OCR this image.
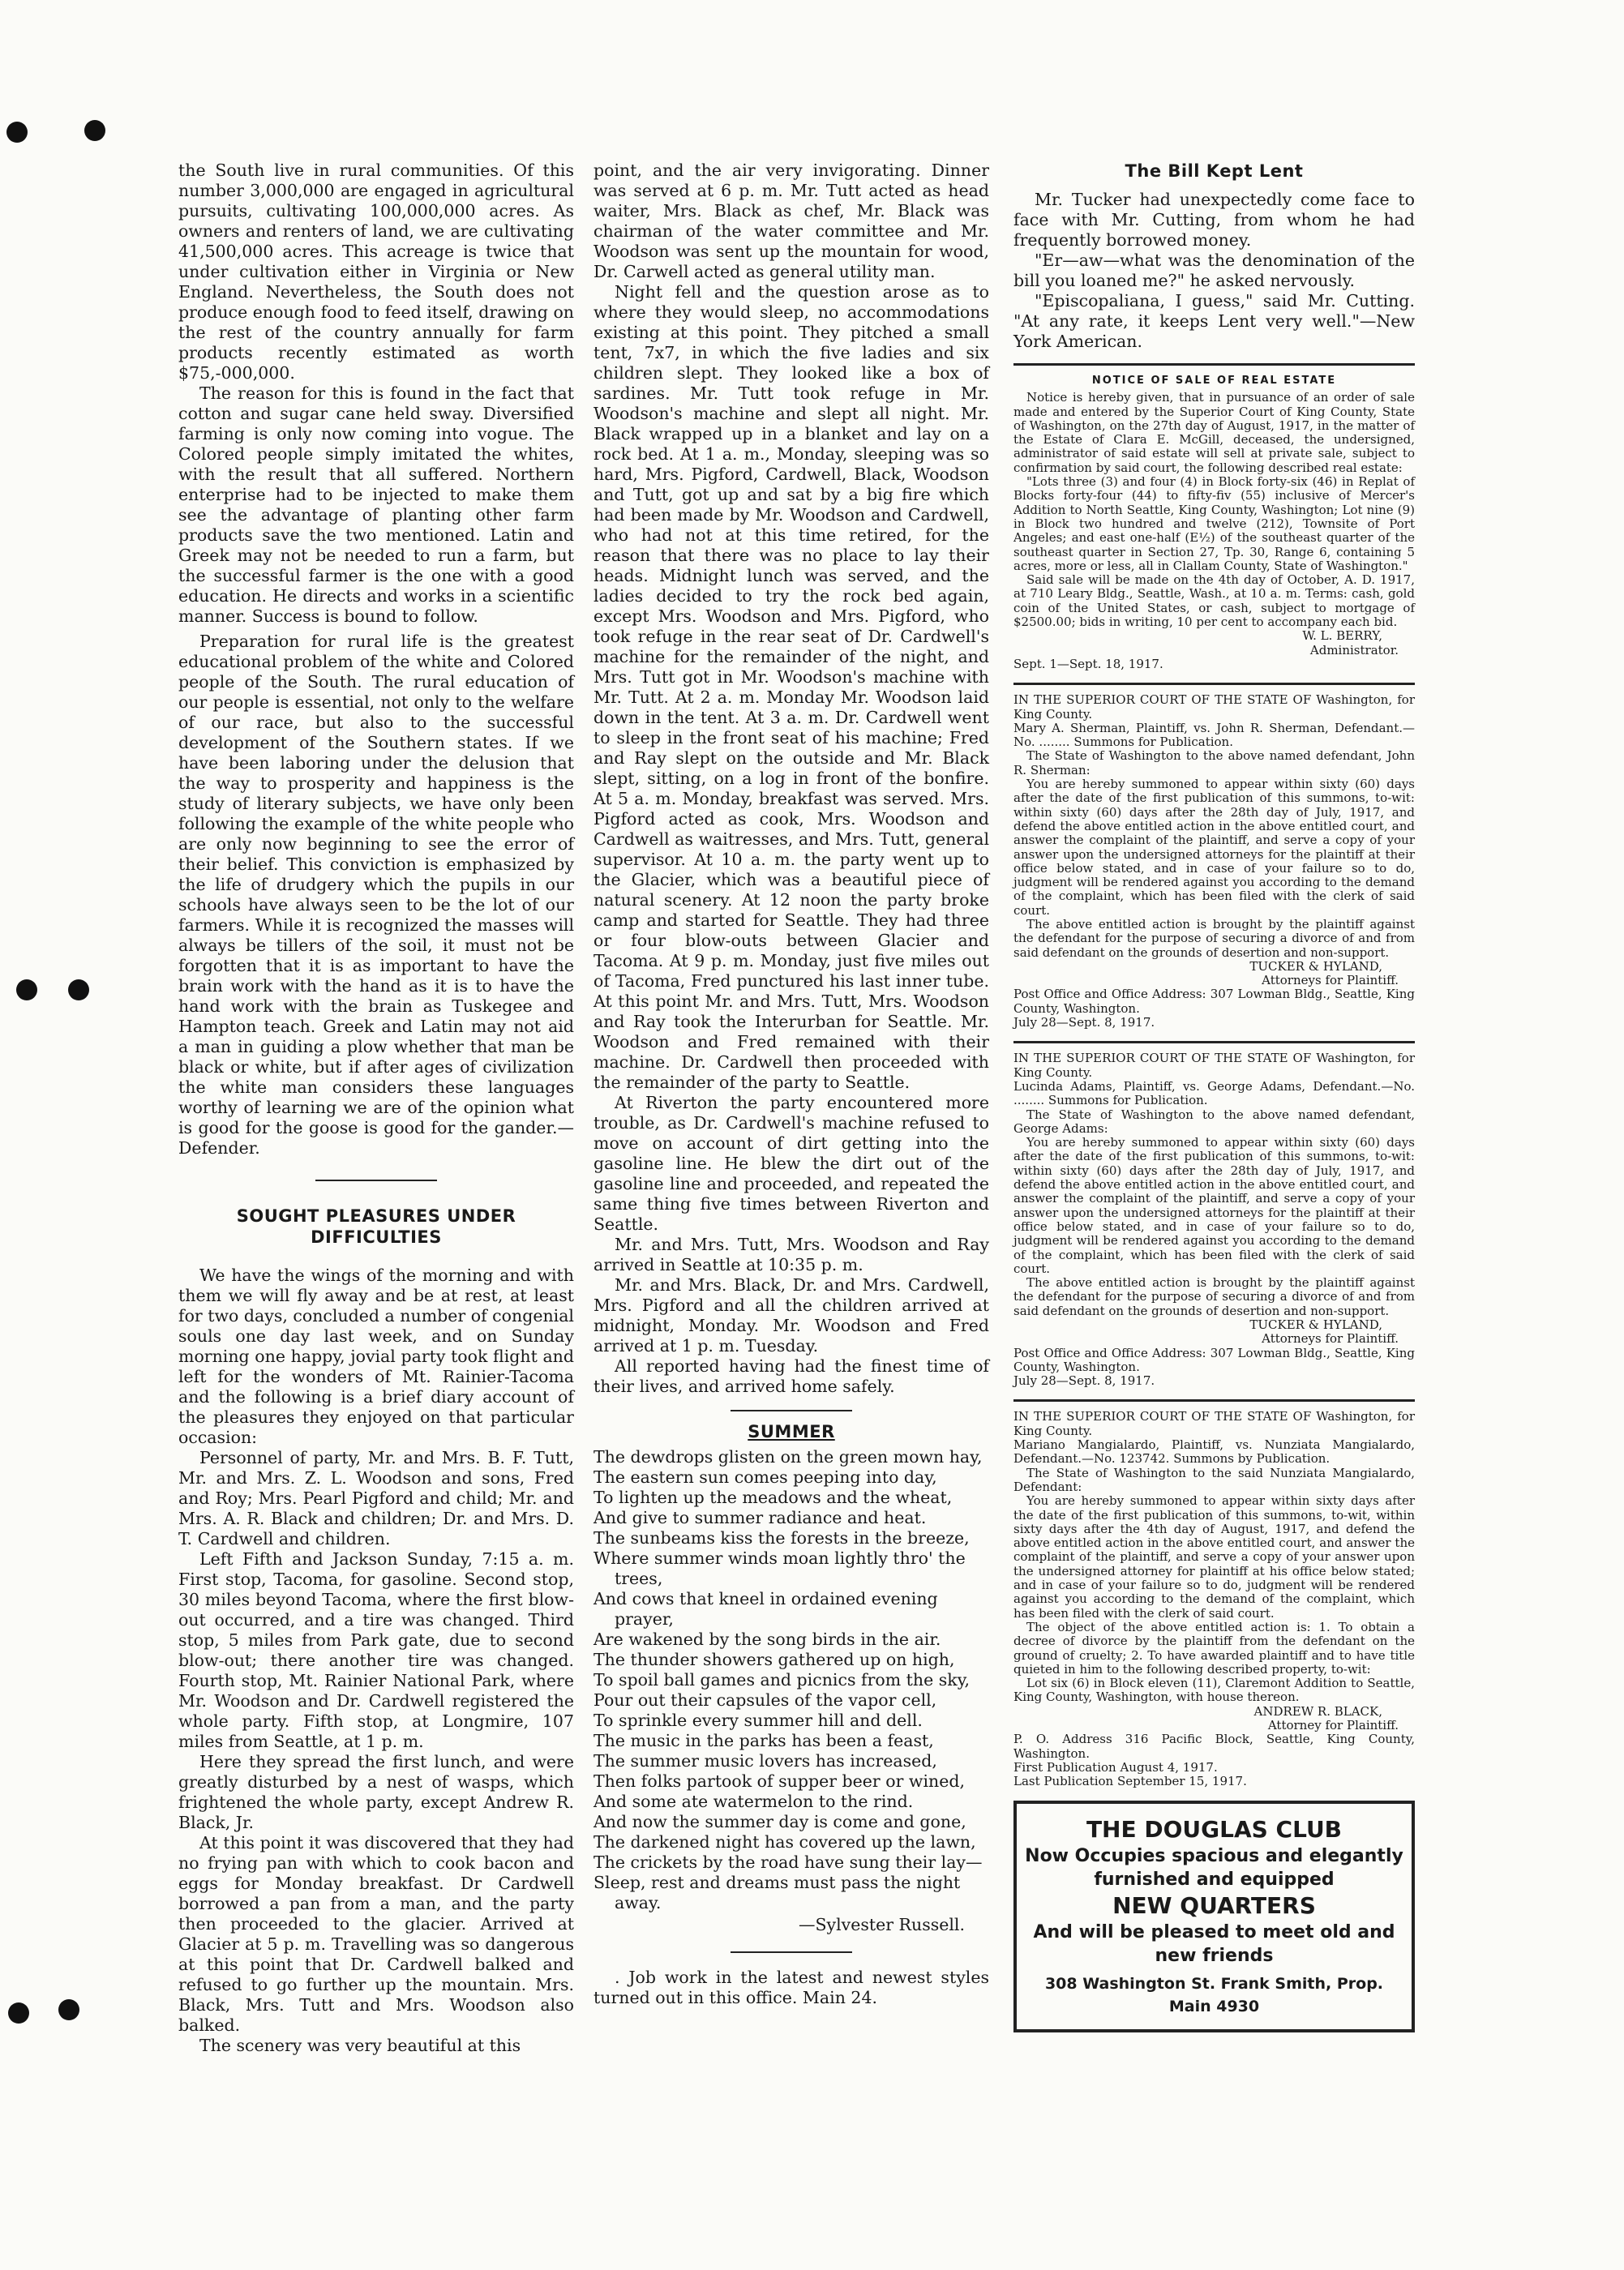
the South live in rural communities. Of this number 3,000,000 are engaged in agricultural pursuits, cultivating 100,000,000 acres. As owners and renters of land, we are cultivating 41,500,000 acres. This acreage is twice that under cultivation either in Virginia or New England. Nevertheless, the South does not produce enough food to feed itself, drawing on the rest of the country annually for farm products recently estimated as worth $75,-000,000.

The reason for this is found in the fact that cotton and sugar cane held sway. Diversified farming is only now coming into vogue. The Colored people simply imitated the whites, with the result that all suffered. Northern enterprise had to be injected to make them see the advantage of planting other farm products save the two mentioned. Latin and Greek may not be needed to run a farm, but the successful farmer is the one with a good education. He directs and works in a scientific manner. Success is bound to follow.

Preparation for rural life is the greatest educational problem of the white and Colored people of the South. The rural education of our people is essential, not only to the welfare of our race, but also to the successful development of the Southern states. If we have been laboring under the delusion that the way to prosperity and happiness is the study of literary subjects, we have only been following the example of the white people who are only now beginning to see the error of their belief. This conviction is emphasized by the life of drudgery which the pupils in our schools have always seen to be the lot of our farmers. While it is recognized the masses will always be tillers of the soil, it must not be forgotten that it is as important to have the brain work with the hand as it is to have the hand work with the brain as Tuskegee and Hampton teach. Greek and Latin may not aid a man in guiding a plow whether that man be black or white, but if after ages of civilization the white man considers these languages worthy of learning we are of the opinion what is good for the goose is good for the gander.—Defender.

SOUGHT PLEASURES UNDER DIFFICULTIES

We have the wings of the morning and with them we will fly away and be at rest, at least for two days, concluded a number of congenial souls one day last week, and on Sunday morning one happy, jovial party took flight and left for the wonders of Mt. Rainier-Tacoma and the following is a brief diary account of the pleasures they enjoyed on that particular occasion:

Personnel of party, Mr. and Mrs. B. F. Tutt, Mr. and Mrs. Z. L. Woodson and sons, Fred and Roy; Mrs. Pearl Pigford and child; Mr. and Mrs. A. R. Black and children; Dr. and Mrs. D. T. Cardwell and children.

Left Fifth and Jackson Sunday, 7:15 a. m. First stop, Tacoma, for gasoline. Second stop, 30 miles beyond Tacoma, where the first blow-out occurred, and a tire was changed. Third stop, 5 miles from Park gate, due to second blow-out; there another tire was changed. Fourth stop, Mt. Rainier National Park, where Mr. Woodson and Dr. Cardwell registered the whole party. Fifth stop, at Longmire, 107 miles from Seattle, at 1 p. m.

Here they spread the first lunch, and were greatly disturbed by a nest of wasps, which frightened the whole party, except Andrew R. Black, Jr.

At this point it was discovered that they had no frying pan with which to cook bacon and eggs for Monday breakfast. Dr Cardwell borrowed a pan from a man, and the party then proceeded to the glacier. Arrived at Glacier at 5 p. m. Travelling was so dangerous at this point that Dr. Cardwell balked and refused to go further up the mountain. Mrs. Black, Mrs. Tutt and Mrs. Woodson also balked.

The scenery was very beautiful at this

point, and the air very invigorating. Dinner was served at 6 p. m. Mr. Tutt acted as head waiter, Mrs. Black as chef, Mr. Black was chairman of the water committee and Mr. Woodson was sent up the mountain for wood, Dr. Carwell acted as general utility man.

Night fell and the question arose as to where they would sleep, no accommodations existing at this point. They pitched a small tent, 7x7, in which the five ladies and six children slept. They looked like a box of sardines. Mr. Tutt took refuge in Mr. Woodson's machine and slept all night. Mr. Black wrapped up in a blanket and lay on a rock bed. At 1 a. m., Monday, sleeping was so hard, Mrs. Pigford, Cardwell, Black, Woodson and Tutt, got up and sat by a big fire which had been made by Mr. Woodson and Cardwell, who had not at this time retired, for the reason that there was no place to lay their heads. Midnight lunch was served, and the ladies decided to try the rock bed again, except Mrs. Woodson and Mrs. Pigford, who took refuge in the rear seat of Dr. Cardwell's machine for the remainder of the night, and Mrs. Tutt got in Mr. Woodson's machine with Mr. Tutt. At 2 a. m. Monday Mr. Woodson laid down in the tent. At 3 a. m. Dr. Cardwell went to sleep in the front seat of his machine; Fred and Ray slept on the outside and Mr. Black slept, sitting, on a log in front of the bonfire. At 5 a. m. Monday, breakfast was served. Mrs. Pigford acted as cook, Mrs. Woodson and Cardwell as waitresses, and Mrs. Tutt, general supervisor. At 10 a. m. the party went up to the Glacier, which was a beautiful piece of natural scenery. At 12 noon the party broke camp and started for Seattle. They had three or four blow-outs between Glacier and Tacoma. At 9 p. m. Monday, just five miles out of Tacoma, Fred punctured his last inner tube. At this point Mr. and Mrs. Tutt, Mrs. Woodson and Ray took the Interurban for Seattle. Mr. Woodson and Fred remained with their machine. Dr. Cardwell then proceeded with the remainder of the party to Seattle.

At Riverton the party encountered more trouble, as Dr. Cardwell's machine refused to move on account of dirt getting into the gasoline line. He blew the dirt out of the gasoline line and proceeded, and repeated the same thing five times between Riverton and Seattle.

Mr. and Mrs. Tutt, Mrs. Woodson and Ray arrived in Seattle at 10:35 p. m.

Mr. and Mrs. Black, Dr. and Mrs. Cardwell, Mrs. Pigford and all the children arrived at midnight, Monday. Mr. Woodson and Fred arrived at 1 p. m. Tuesday.

All reported having had the finest time of their lives, and arrived home safely.

SUMMER
The dewdrops glisten on the green mown hay,
The eastern sun comes peeping into day,
To lighten up the meadows and the wheat,
And give to summer radiance and heat.
The sunbeams kiss the forests in the breeze,
Where summer winds moan lightly thro' the trees,
And cows that kneel in ordained evening prayer,
Are wakened by the song birds in the air.
The thunder showers gathered up on high,
To spoil ball games and picnics from the sky,
Pour out their capsules of the vapor cell,
To sprinkle every summer hill and dell.
The music in the parks has been a feast,
The summer music lovers has increased,
Then folks partook of supper beer or wined,
And some ate watermelon to the rind.
And now the summer day is come and gone,
The darkened night has covered up the lawn,
The crickets by the road have sung their lay—
Sleep, rest and dreams must pass the night away.
—Sylvester Russell.

. Job work in the latest and newest styles turned out in this office. Main 24.

The Bill Kept Lent

Mr. Tucker had unexpectedly come face to face with Mr. Cutting, from whom he had frequently borrowed money.

"Er—aw—what was the denomination of the bill you loaned me?" he asked nervously.

"Episcopaliana, I guess," said Mr. Cutting. "At any rate, it keeps Lent very well."—New York American.

NOTICE OF SALE OF REAL ESTATE

Notice is hereby given, that in pursuance of an order of sale made and entered by the Superior Court of King County, State of Washington, on the 27th day of August, 1917, in the matter of the Estate of Clara E. McGill, deceased, the undersigned, administrator of said estate will sell at private sale, subject to confirmation by said court, the following described real estate:

"Lots three (3) and four (4) in Block forty-six (46) in Replat of Blocks forty-four (44) to fifty-fiv (55) inclusive of Mercer's Addition to North Seattle, King County, Washington; Lot nine (9) in Block two hundred and twelve (212), Townsite of Port Angeles; and east one-half (E½) of the southeast quarter of the southeast quarter in Section 27, Tp. 30, Range 6, containing 5 acres, more or less, all in Clallam County, State of Washington."

Said sale will be made on the 4th day of October, A. D. 1917, at 710 Leary Bldg., Seattle, Wash., at 10 a. m. Terms: cash, gold coin of the United States, or cash, subject to mortgage of $2500.00; bids in writing, 10 per cent to accompany each bid.

W. L. BERRY,

Administrator.

Sept. 1—Sept. 18, 1917.

IN THE SUPERIOR COURT OF THE STATE OF Washington, for King County.

Mary A. Sherman, Plaintiff, vs. John R. Sherman, Defendant.—No. ........ Summons for Publication.

The State of Washington to the above named defendant, John R. Sherman:

You are hereby summoned to appear within sixty (60) days after the date of the first publication of this summons, to-wit: within sixty (60) days after the 28th day of July, 1917, and defend the above entitled action in the above entitled court, and answer the complaint of the plaintiff, and serve a copy of your answer upon the undersigned attorneys for the plaintiff at their office below stated, and in case of your failure so to do, judgment will be rendered against you according to the demand of the complaint, which has been filed with the clerk of said court.

The above entitled action is brought by the plaintiff against the defendant for the purpose of securing a divorce of and from said defendant on the grounds of desertion and non-support.

TUCKER & HYLAND,

Attorneys for Plaintiff.

Post Office and Office Address: 307 Lowman Bldg., Seattle, King County, Washington.

July 28—Sept. 8, 1917.

IN THE SUPERIOR COURT OF THE STATE OF Washington, for King County.

Lucinda Adams, Plaintiff, vs. George Adams, Defendant.—No. ........ Summons for Publication.

The State of Washington to the above named defendant, George Adams:

You are hereby summoned to appear within sixty (60) days after the date of the first publication of this summons, to-wit: within sixty (60) days after the 28th day of July, 1917, and defend the above entitled action in the above entitled court, and answer the complaint of the plaintiff, and serve a copy of your answer upon the undersigned attorneys for the plaintiff at their office below stated, and in case of your failure so to do, judgment will be rendered against you according to the demand of the complaint, which has been filed with the clerk of said court.

The above entitled action is brought by the plaintiff against the defendant for the purpose of securing a divorce of and from said defendant on the grounds of desertion and non-support.

TUCKER & HYLAND,

Attorneys for Plaintiff.

Post Office and Office Address: 307 Lowman Bldg., Seattle, King County, Washington.

July 28—Sept. 8, 1917.

IN THE SUPERIOR COURT OF THE STATE OF Washington, for King County.

Mariano Mangialardo, Plaintiff, vs. Nunziata Mangialardo, Defendant.—No. 123742. Summons by Publication.

The State of Washington to the said Nunziata Mangialardo, Defendant:

You are hereby summoned to appear within sixty days after the date of the first publication of this summons, to-wit, within sixty days after the 4th day of August, 1917, and defend the above entitled action in the above entitled court, and answer the complaint of the plaintiff, and serve a copy of your answer upon the undersigned attorney for plaintiff at his office below stated; and in case of your failure so to do, judgment will be rendered against you according to the demand of the complaint, which has been filed with the clerk of said court.

The object of the above entitled action is: 1. To obtain a decree of divorce by the plaintiff from the defendant on the ground of cruelty; 2. To have awarded plaintiff and to have title quieted in him to the following described property, to-wit:

Lot six (6) in Block eleven (11), Claremont Addition to Seattle, King County, Washington, with house thereon.

ANDREW R. BLACK,

Attorney for Plaintiff.

P. O. Address 316 Pacific Block, Seattle, King County, Washington.

First Publication August 4, 1917.

Last Publication September 15, 1917.

THE DOUGLAS CLUB
Now Occupies spacious and elegantly furnished and equipped
NEW QUARTERS
And will be pleased to meet old and new friends
308 Washington St. Frank Smith, Prop.
Main 4930
